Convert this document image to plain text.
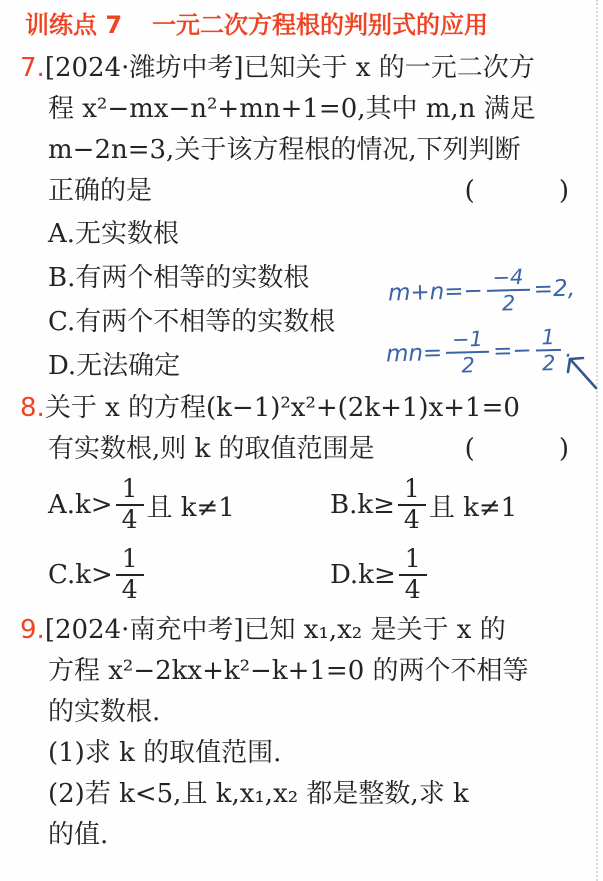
训练点 7 一元二次方程根的判别式的应用
7.[2024·潍坊中考]已知关于 x 的一元二次方
程 x²−mx−n²+mn+1=0,其中 m,n 满足
m−2n=3,关于该方程根的情况,下列判断
正确的是	(        )
A.无实数根
B.有两个相等的实数根
C.有两个不相等的实数根
D.无法确定
8.关于 x 的方程(k−1)²x²+(2k+1)x+1=0
有实数根,则 k 的取值范围是	(        )
$A.k> \frac{1}{4}$ 且 k≠1	$B.k\ge \frac{1}{4}$ 且 k≠1
$C.k> \frac{1}{4}$	$D.k\ge \frac{1}{4}$
9.[2024·南充中考]已知 x₁,x₂ 是关于 x 的
方程 x²−2kx+k²−k+1=0 的两个不相等
的实数根.
(1)求 k 的取值范围.
(2)若 k<5,且 k,x₁,x₂ 都是整数,求 k
的值.
$m+n=- \frac{-4}{2} =2$,
$mn= \frac{-1}{2} =- \frac{1}{2}$ .
